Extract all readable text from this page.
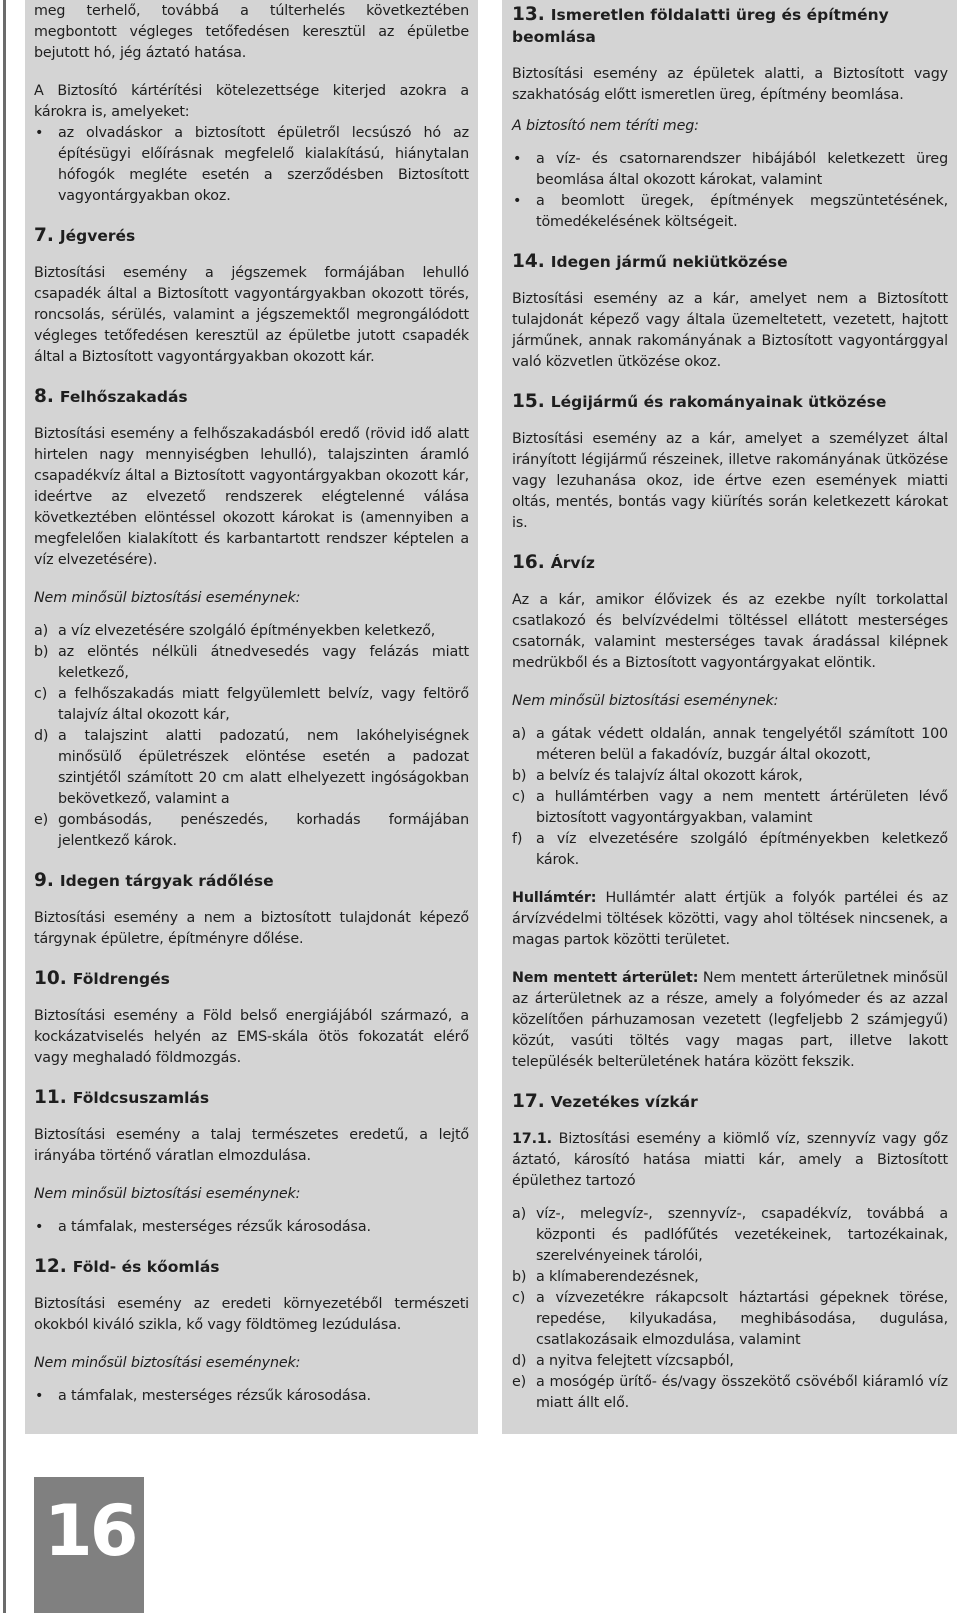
meg terhelő, továbbá a túlterhelés következtében megbontott végleges tetőfedésen keresztül az épületbe bejutott hó, jég áztató hatása.

A Biztosító kártérítési kötelezettsége kiterjed azokra a károkra is, amelyeket:

• az olvadáskor a biztosított épületről lecsúszó hó az építésügyi előírásnak megfelelő kialakítású, hiánytalan hófogók megléte esetén a szerződésben Biztosított vagyontárgyakban okoz.
7. Jégverés

Biztosítási esemény a jégszemek formájában lehulló csapadék által a Biztosított vagyontárgyakban okozott törés, roncsolás, sérülés, valamint a jégszemektől megrongálódott végleges tetőfedésen keresztül az épületbe jutott csapadék által a Biztosított vagyontárgyakban okozott kár.

8. Felhőszakadás

Biztosítási esemény a felhőszakadásból eredő (rövid idő alatt hirtelen nagy mennyiségben lehulló), talajszinten áramló csapadékvíz által a Biztosított vagyontárgyakban okozott kár, ideértve az elvezető rendszerek elégtelenné válása következtében elöntéssel okozott károkat is (amennyiben a megfelelően kialakított és karbantartott rendszer képtelen a víz elvezetésére).

Nem minősül biztosítási eseménynek:

a) a víz elvezetésére szolgáló építményekben keletkező,
b) az elöntés nélküli átnedvesedés vagy felázás miatt keletkező,
c) a felhőszakadás miatt felgyülemlett belvíz, vagy feltörő talajvíz által okozott kár,
d) a talajszint alatti padozatú, nem lakóhelyiségnek minősülő épületrészek elöntése esetén a padozat szintjétől számított 20 cm alatt elhelyezett ingóságokban bekövetkező, valamint a
e) gombásodás, penészedés, korhadás formájában jelentkező károk.
9. Idegen tárgyak rádőlése

Biztosítási esemény a nem a biztosított tulajdonát képező tárgynak épületre, építményre dőlése.

10. Földrengés

Biztosítási esemény a Föld belső energiájából származó, a kockázatviselés helyén az EMS-skála ötös fokozatát elérő vagy meghaladó földmozgás.

11. Földcsuszamlás

Biztosítási esemény a talaj természetes eredetű, a lejtő irányába történő váratlan elmozdulása.

Nem minősül biztosítási eseménynek:

• a támfalak, mesterséges rézsűk károsodása.
12. Föld- és kőomlás

Biztosítási esemény az eredeti környezetéből természeti okokból kiváló szikla, kő vagy földtömeg lezúdulása.

Nem minősül biztosítási eseménynek:

• a támfalak, mesterséges rézsűk károsodása.
13. Ismeretlen földalatti üreg és építmény beomlása

Biztosítási esemény az épületek alatti, a Biztosított vagy szakhatóság előtt ismeretlen üreg, építmény beomlása.

A biztosító nem téríti meg:

• a víz- és csatornarendszer hibájából keletkezett üreg beomlása által okozott károkat, valamint
• a beomlott üregek, építmények megszüntetésének, tömedékelésének költségeit.
14. Idegen jármű nekiütközése

Biztosítási esemény az a kár, amelyet nem a Biztosított tulajdonát képező vagy általa üzemeltetett, vezetett, hajtott járműnek, annak rakományának a Biztosított vagyontárggyal való közvetlen ütközése okoz.

15. Légijármű és rakományainak ütközése

Biztosítási esemény az a kár, amelyet a személyzet által irányított légijármű részeinek, illetve rakományának ütközése vagy lezuhanása okoz, ide értve ezen események miatti oltás, mentés, bontás vagy kiürítés során keletkezett károkat is.

16. Árvíz

Az a kár, amikor élővizek és az ezekbe nyílt torkolattal csatlakozó és belvízvédelmi töltéssel ellátott mesterséges csatornák, valamint mesterséges tavak áradással kilépnek medrükből és a Biztosított vagyontárgyakat elöntik.

Nem minősül biztosítási eseménynek:

a) a gátak védett oldalán, annak tengelyétől számított 100 méteren belül a fakadóvíz, buzgár által okozott,
b) a belvíz és talajvíz által okozott károk,
c) a hullámtérben vagy a nem mentett ártérületen lévő biztosított vagyontárgyakban, valamint
f) a víz elvezetésére szolgáló építményekben keletkező károk.

Hullámtér: Hullámtér alatt értjük a folyók partélei és az árvízvédelmi töltések közötti, vagy ahol töltések nincsenek, a magas partok közötti területet.

Nem mentett árterület: Nem mentett árterületnek minősül az árterületnek az a része, amely a folyómeder és az azzal közelítően párhuzamosan vezetett (legfeljebb 2 számjegyű) közút, vasúti töltés vagy magas part, illetve lakott településék belterületének határa között fekszik.

17. Vezetékes vízkár

17.1. Biztosítási esemény a kiömlő víz, szennyvíz vagy gőz áztató, károsító hatása miatti kár, amely a Biztosított épülethez tartozó

a) víz-, melegvíz-, szennyvíz-, csapadékvíz, továbbá a központi és padlófűtés vezetékeinek, tartozékainak, szerelvényeinek tárolói,
b) a klímaberendezésnek,
c) a vízvezetékre rákapcsolt háztartási gépeknek törése, repedése, kilyukadása, meghibásodása, dugulása, csatlakozásaik elmozdulása, valamint
d) a nyitva felejtett vízcsapból,
e) a mosógép ürítő- és/vagy összekötő csövéből kiáramló víz miatt állt elő.
16
